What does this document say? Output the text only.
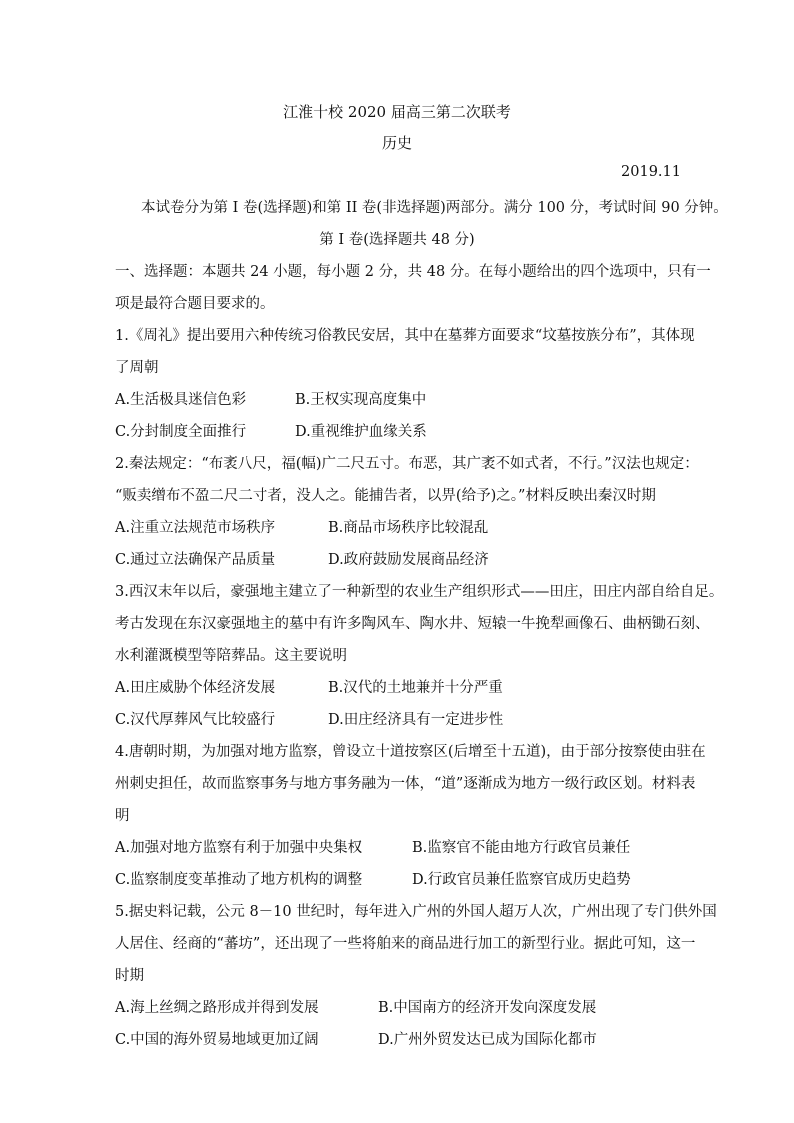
江淮十校 2020 届高三第二次联考
历史
2019.11
本试卷分为第 I 卷(选择题)和第 II 卷(非选择题)两部分。满分 100 分，考试时间 90 分钟。
第 I 卷(选择题共 48 分)
一、选择题：本题共 24 小题，每小题 2 分，共 48 分。在每小题给出的四个选项中，只有一
项是最符合题目要求的。
1.《周礼》提出要用六种传统习俗教民安居，其中在墓葬方面要求“坟墓按族分布”，其体现
了周朝
A.生活极具迷信色彩	B.王权实现高度集中
C.分封制度全面推行	D.重视维护血缘关系
2.秦法规定：“布袤八尺，福(幅)广二尺五寸。布恶，其广袤不如式者，不行。”汉法也规定：
“贩卖缯布不盈二尺二寸者，没人之。能捕告者，以畀(给予)之。”材料反映出秦汉时期
A.注重立法规范市场秩序	B.商品市场秩序比较混乱
C.通过立法确保产品质量	D.政府鼓励发展商品经济
3.西汉末年以后，豪强地主建立了一种新型的农业生产组织形式——田庄，田庄内部自给自足。
考古发现在东汉豪强地主的墓中有许多陶风车、陶水井、短辕一牛挽犁画像石、曲柄锄石刻、
水利灌溉模型等陪葬品。这主要说明
A.田庄威胁个体经济发展	B.汉代的土地兼并十分严重
C.汉代厚葬风气比较盛行	D.田庄经济具有一定进步性
4.唐朝时期，为加强对地方监察，曾设立十道按察区(后增至十五道)，由于部分按察使由驻在
州刺史担任，故而监察事务与地方事务融为一体，“道”逐渐成为地方一级行政区划。材料表
明
A.加强对地方监察有利于加强中央集权	B.监察官不能由地方行政官员兼任
C.监察制度变革推动了地方机构的调整	D.行政官员兼任监察官成历史趋势
5.据史料记载，公元 8－10 世纪时，每年进入广州的外国人超万人次，广州出现了专门供外国
人居住、经商的“蕃坊”，还出现了一些将舶来的商品进行加工的新型行业。据此可知，这一
时期
A.海上丝绸之路形成并得到发展	B.中国南方的经济开发向深度发展
C.中国的海外贸易地域更加辽阔	D.广州外贸发达已成为国际化都市
